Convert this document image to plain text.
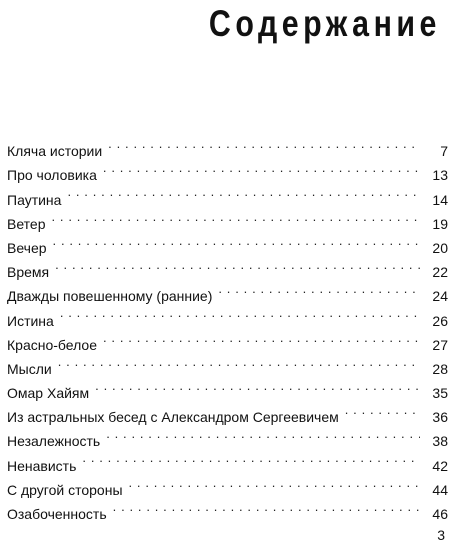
Содержание
Кляча истории . . .	7
Про чоловика . . .	13
Паутина . . .	14
Ветер . . .	19
Вечер . . .	20
Время . . .	22
Дважды повешенному (ранние) . . .	24
Истина . . .	26
Красно-белое . . .	27
Мысли . . .	28
Омар Хайям . . .	35
Из астральных бесед с Александром Сергеевичем . . .	36
Незалежность . . .	38
Ненависть . . .	42
С другой стороны . . .	44
Озабоченность . . .	46
3
